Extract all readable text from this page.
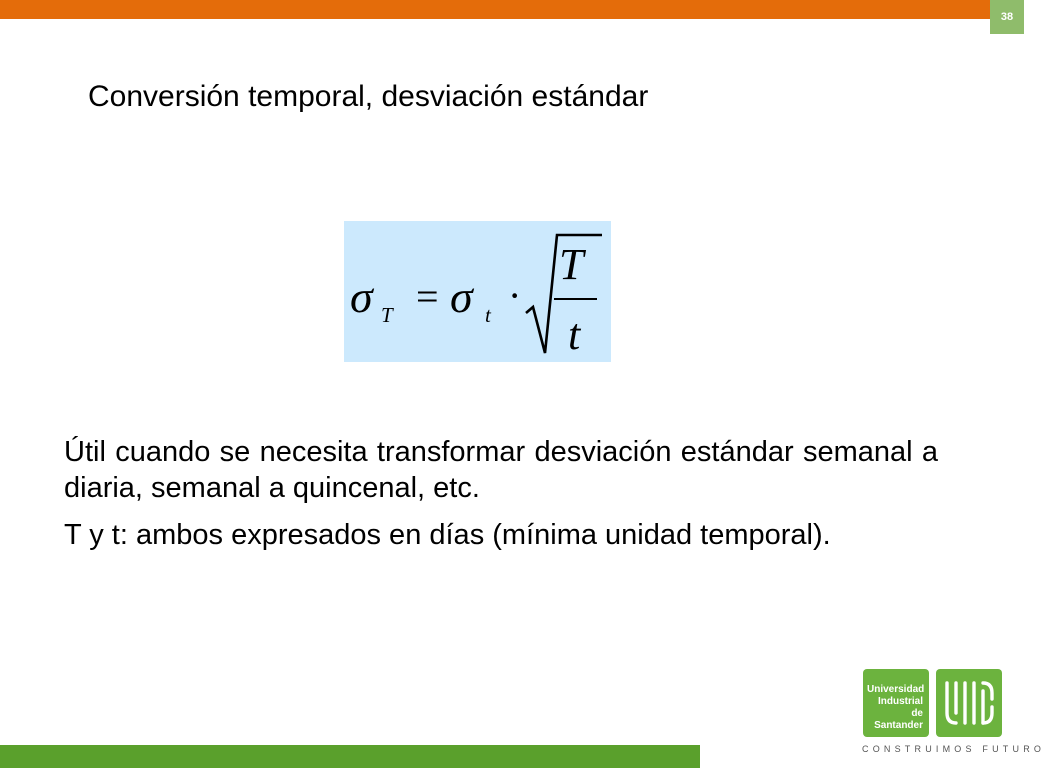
38
Conversión temporal, desviación estándar
σ T σ t
T
t
= ·

Útil cuando se necesita transformar desviación estándar semanal a diaria, semanal a quincenal, etc.

T y t: ambos expresados en días (mínima unidad temporal).

Universidad
Industrial de
Santander
CONSTRUIMOS FUTURO
